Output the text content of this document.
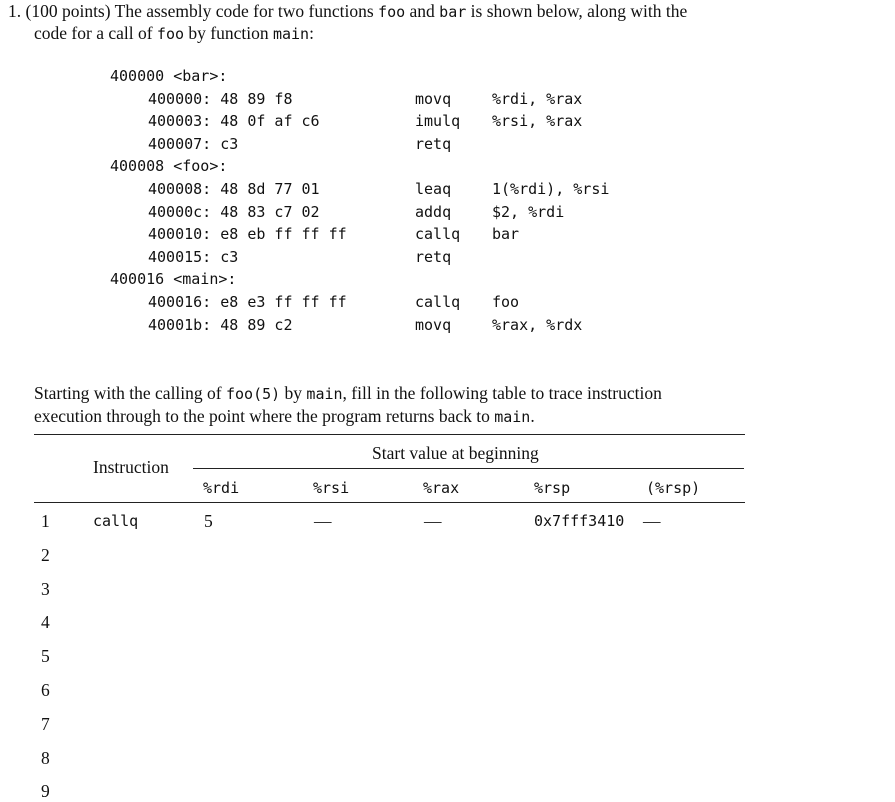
1. (100 points) The assembly code for two functions foo and bar is shown below, along with the
code for a call of foo by function main:
400000 <bar>:
400000: 48 89 f8	movq	%rdi, %rax
400003: 48 0f af c6	imulq %rsi, %rax
400007: c3	retq
400008 <foo>:
400008: 48 8d 77 01	leaq	1(%rdi), %rsi
40000c: 48 83 c7 02	addq	$2, %rdi
400010: e8 eb ff ff ff	callq bar
400015: c3	retq
400016 <main>:
400016: e8 e3 ff ff ff	callq foo
40001b: 48 89 c2	movq	%rax, %rdx
Starting with the calling of foo(5) by main, fill in the following table to trace instruction
execution through to the point where the program returns back to main.
Start value at beginning
Instruction
%rdi	%rsi	%rax	%rsp	(%rsp)
1	callq	5	—	—	0x7fff3410 —
2
3
4
5
6
7
8
9
